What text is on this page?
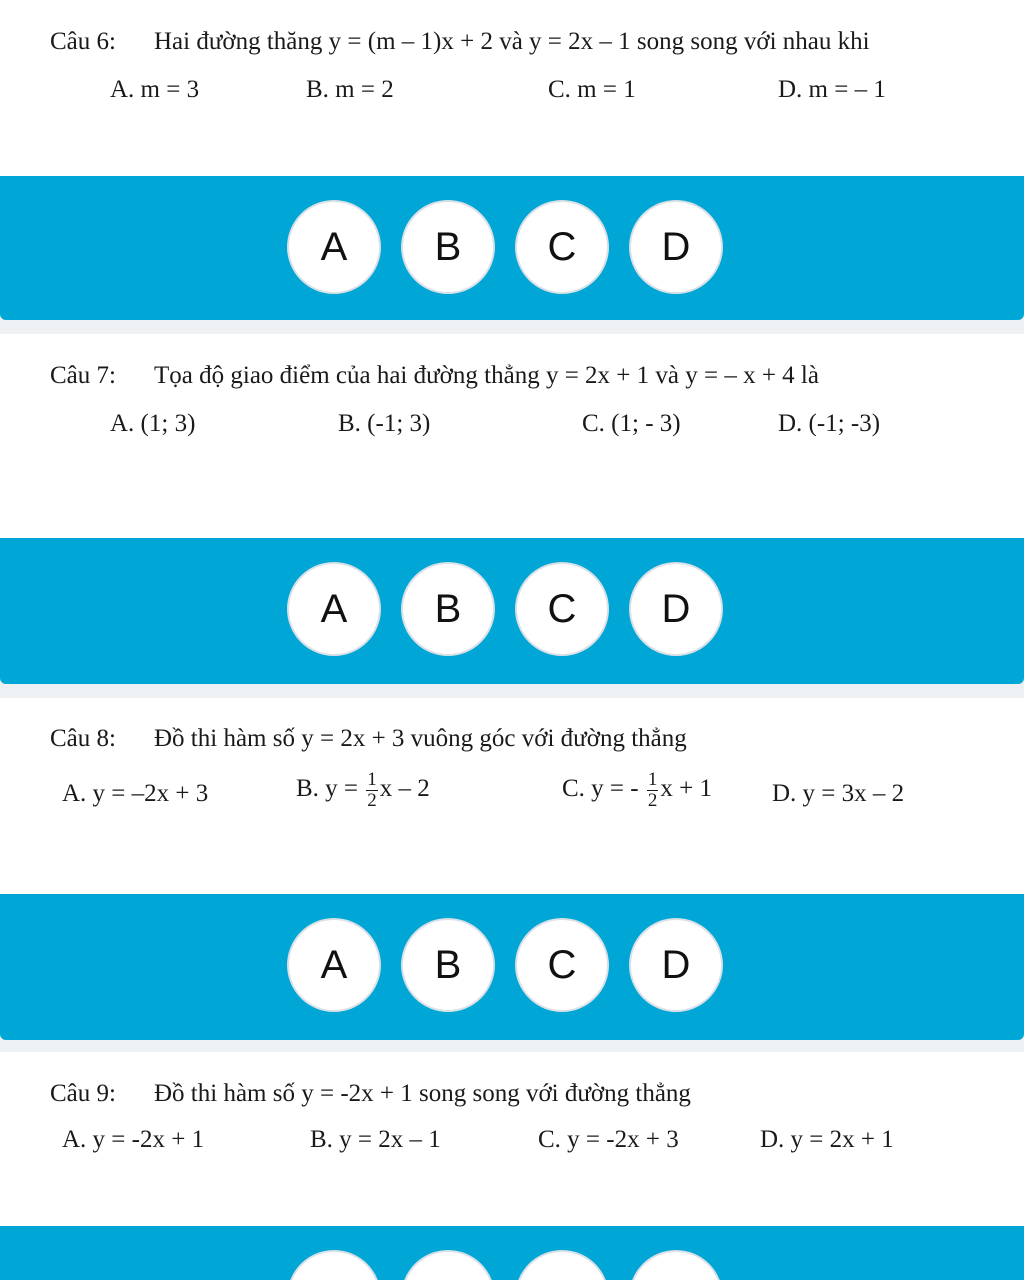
Câu 6: Hai đường thăng y = (m – 1)x + 2 và y = 2x – 1 song song với nhau khi
A. m = 3	B. m = 2	C. m = 1	D. m = – 1
A	B	C	D
Câu 7: Tọa độ giao điểm của hai đường thẳng y = 2x + 1 và y = – x + 4 là
A. (1; 3)	B. (-1; 3)	C. (1; - 3)	D. (-1; -3)
A	B	C	D
Câu 8: Đồ thi hàm số y = 2x + 3 vuông góc với đường thẳng
A. y = –2x + 3	B. $y = \frac{1}{2}$ x – 2	C. y = - $\frac{1}{2}$ x + 1 D. y = 3x – 2
A	B	C	D
Câu 9: Đồ thi hàm số y = -2x + 1 song song với đường thẳng
A. y = -2x + 1	B. y = 2x – 1	C. y = -2x + 3	D. y = 2x + 1
